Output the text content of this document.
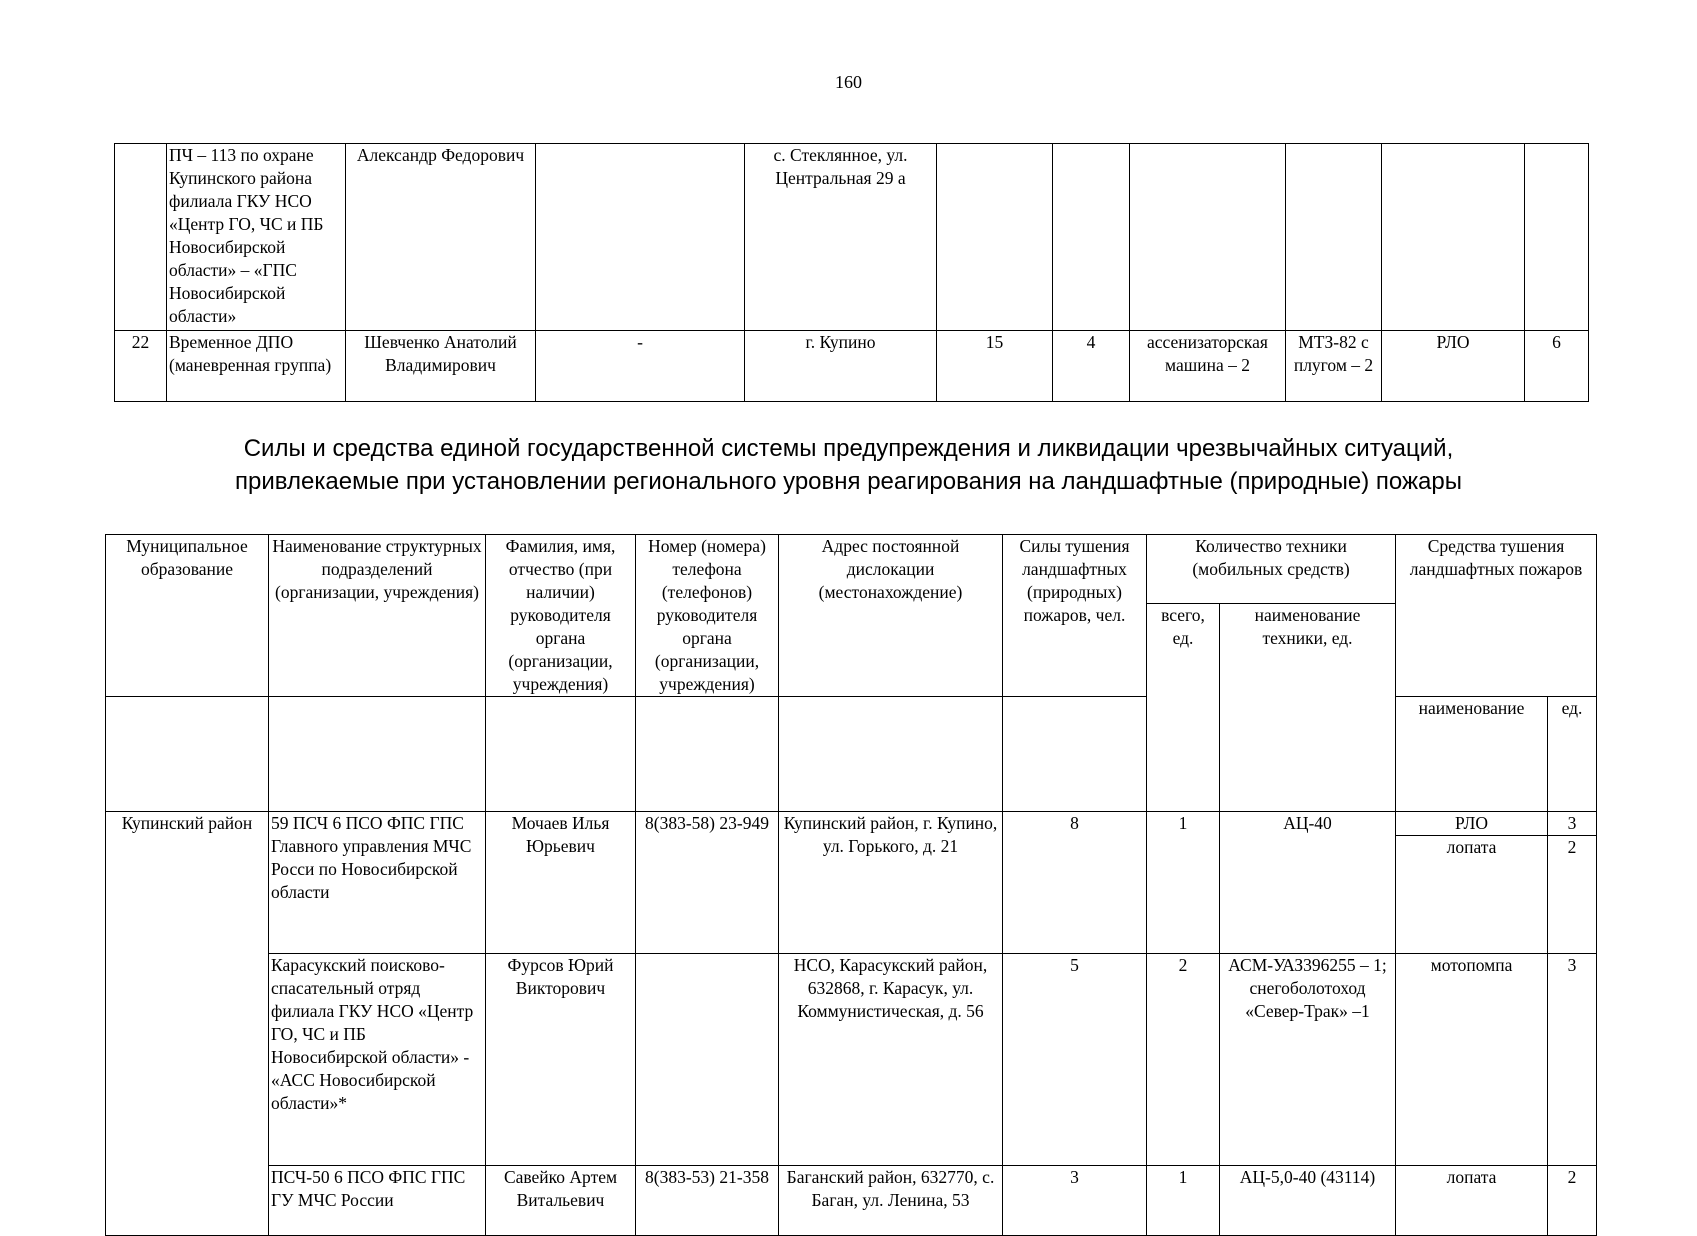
160
	ПЧ – 113 по охране Купинского района филиала ГКУ НСО «Центр ГО, ЧС и ПБ Новосибирской области» – «ГПС Новосибирской области»	Александр Федорович		с. Стеклянное, ул. Центральная 29 а						
22	Временное ДПО (маневренная группа)	Шевченко Анатолий Владимирович	-	г. Купино	15	4	ассенизаторская машина – 2	МТЗ-82 с плугом – 2	РЛО	6
Силы и средства единой государственной системы предупреждения и ликвидации чрезвычайных ситуаций,
привлекаемые при установлении регионального уровня реагирования на ландшафтные (природные) пожары
Муниципальное образование	Наименование структурных подразделений (организации, учреждения)	Фамилия, имя, отчество (при наличии) руководителя органа (организации, учреждения)	Номер (номера) телефона (телефонов) руководителя органа (организации, учреждения)	Адрес постоянной дислокации (местонахождение)	Силы тушения ландшафтных (природных) пожаров, чел.	Количество техники (мобильных средств)		Средства тушения ландшафтных пожаров	
						всего, ед.	наименование техники, ед.		
								наименование	ед.

Купинский район	59 ПСЧ 6 ПСО ФПС ГПС Главного управления МЧС Росси по Новосибирской области	Мочаев Илья Юрьевич	8(383-58) 23-949	Купинский район, г. Купино, ул. Горького, д. 21	8	1	АЦ-40	РЛО	3
								лопата	2
	Карасукский поисково-спасательный отряд филиала ГКУ НСО «Центр ГО, ЧС и ПБ Новосибирской области» - «АСС Новосибирской области»*	Фурсов Юрий Викторович		НСО, Карасукский район, 632868, г. Карасук, ул. Коммунистическая, д. 56	5	2	АСМ-УАЗ396255 – 1; снегоболотоход «Север-Трак» –1	мотопомпа	3
	ПСЧ-50 6 ПСО ФПС ГПС ГУ МЧС России	Савейко Артем Витальевич	8(383-53) 21-358	Баганский район, 632770, с. Баган, ул. Ленина, 53	3	1	АЦ-5,0-40 (43114)	лопата	2
